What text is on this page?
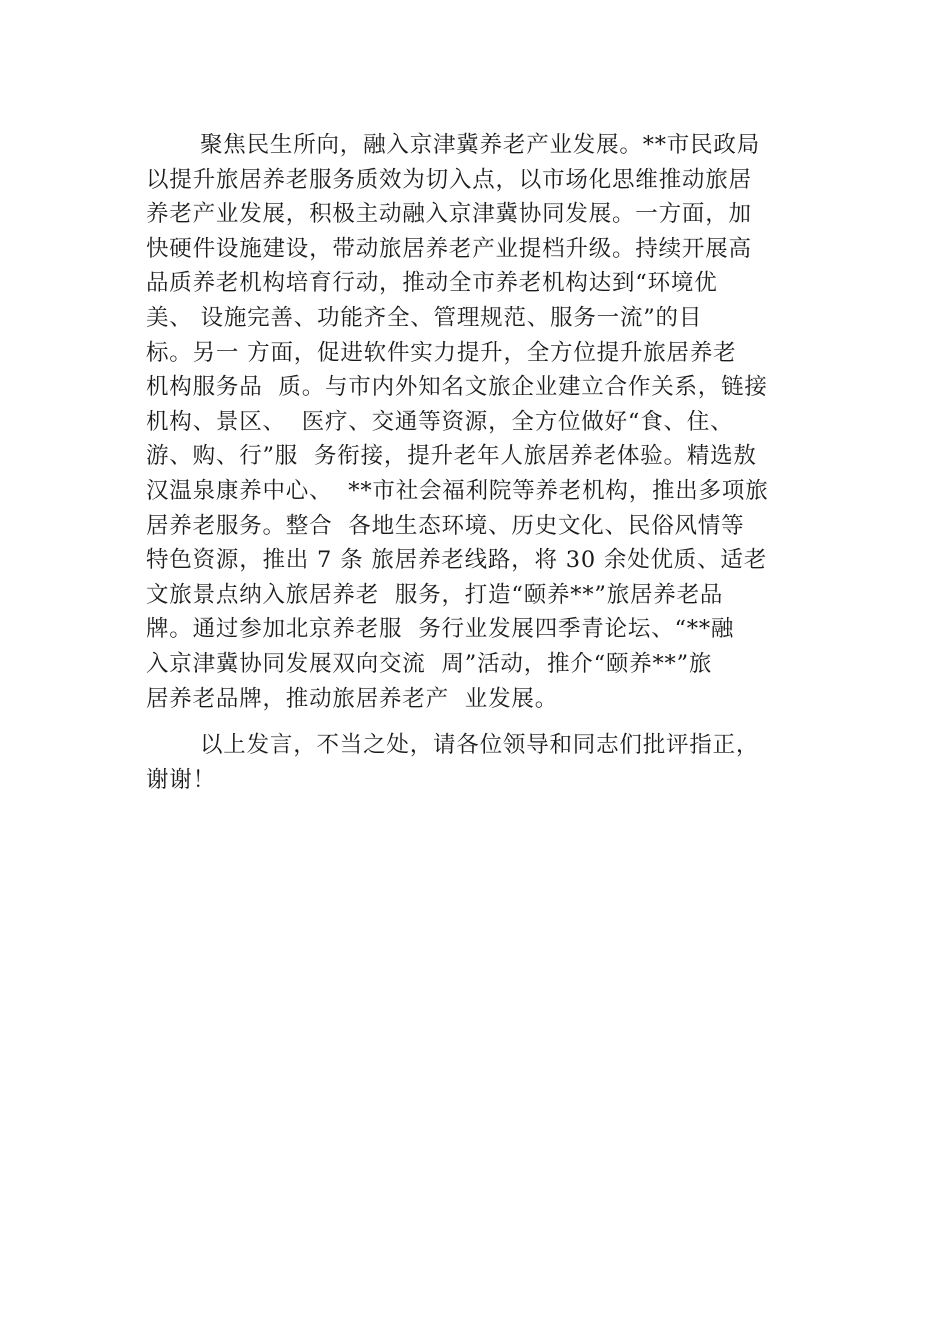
聚焦民生所向，融入京津冀养老产业发展。**市民政局
以提升旅居养老服务质效为切入点，以市场化思维推动旅居
养老产业发展，积极主动融入京津冀协同发展。一方面，加
快硬件设施建设，带动旅居养老产业提档升级。持续开展高
品质养老机构培育行动，推动全市养老机构达到“环境优
美、 设施完善、功能齐全、管理规范、服务一流”的目
标。另一 方面，促进软件实力提升，全方位提升旅居养老
机构服务品  质。与市内外知名文旅企业建立合作关系，链接
机构、景区、  医疗、交通等资源，全方位做好“食、住、
游、购、行”服  务衔接，提升老年人旅居养老体验。精选敖
汉温泉康养中心、  **市社会福利院等养老机构，推出多项旅
居养老服务。整合  各地生态环境、历史文化、民俗风情等
特色资源，推出 7 条 旅居养老线路，将 30 余处优质、适老
文旅景点纳入旅居养老  服务，打造“颐养**”旅居养老品
牌。通过参加北京养老服  务行业发展四季青论坛、“**融
入京津冀协同发展双向交流  周”活动，推介“颐养**”旅
居养老品牌，推动旅居养老产  业发展。
以上发言，不当之处，请各位领导和同志们批评指正，
谢谢！
